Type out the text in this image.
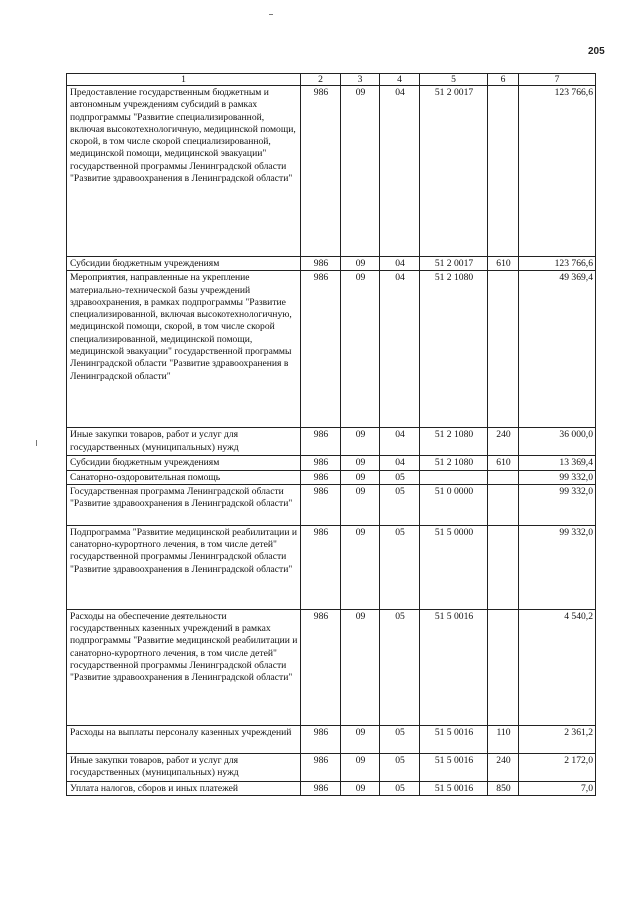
205
1	2	3	4	5	6	7
Предоставление государственным бюджетным и автономным учреждениям субсидий в рамках подпрограммы "Развитие специализированной, включая высокотехнологичную, медицинской помощи, скорой, в том числе скорой специализированной, медицинской помощи, медицинской эвакуации" государственной программы Ленинградской области "Развитие здравоохранения в Ленинградской области"	986	09	04	51 2 0017		123 766,6
Субсидии бюджетным учреждениям	986	09	04	51 2 0017	610	123 766,6
Мероприятия, направленные на укрепление материально-технической базы учреждений здравоохранения, в рамках подпрограммы "Развитие специализированной, включая высокотехнологичную, медицинской помощи, скорой, в том числе скорой специализированной, медицинской помощи, медицинской эвакуации" государственной программы Ленинградской области "Развитие здравоохранения в Ленинградской области"	986	09	04	51 2 1080		49 369,4
Иные закупки товаров, работ и услуг для государственных (муниципальных) нужд	986	09	04	51 2 1080	240	36 000,0
Субсидии бюджетным учреждениям	986	09	04	51 2 1080	610	13 369,4
Санаторно-оздоровительная помощь	986	09	05			99 332,0
Государственная программа Ленинградской области "Развитие здравоохранения в Ленинградской области"	986	09	05	51 0 0000		99 332,0
Подпрограмма "Развитие медицинской реабилитации и санаторно-курортного лечения, в том числе детей" государственной программы Ленинградской области "Развитие здравоохранения в Ленинградской области"	986	09	05	51 5 0000		99 332,0
Расходы на обеспечение деятельности государственных казенных учреждений в рамках подпрограммы "Развитие медицинской реабилитации и санаторно-курортного лечения, в том числе детей" государственной программы Ленинградской области "Развитие здравоохранения в Ленинградской области"	986	09	05	51 5 0016		4 540,2
Расходы на выплаты персоналу казенных учреждений	986	09	05	51 5 0016	110	2 361,2
Иные закупки товаров, работ и услуг для государственных (муниципальных) нужд	986	09	05	51 5 0016	240	2 172,0
Уплата налогов, сборов и иных платежей	986	09	05	51 5 0016	850	7,0
